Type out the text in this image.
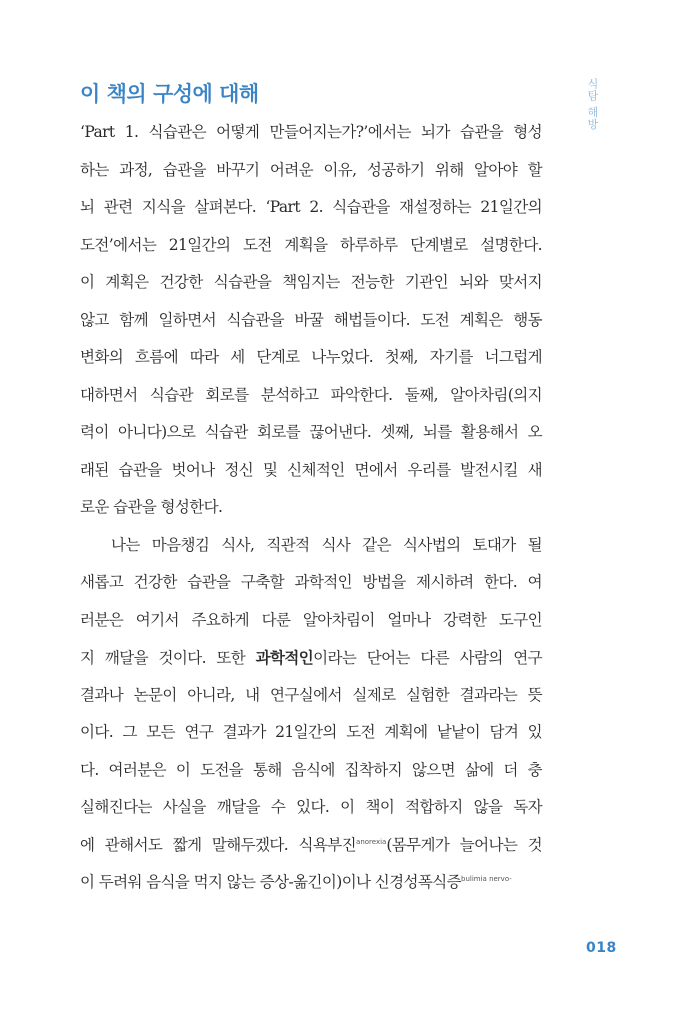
이 책의 구성에 대해	식탐 해방
‘Part 1. 식습관은 어떻게 만들어지는가?’에서는 뇌가 습관을 형성
하는 과정, 습관을 바꾸기 어려운 이유, 성공하기 위해 알아야 할
뇌 관련 지식을 살펴본다. ‘Part 2. 식습관을 재설정하는 21일간의
도전’에서는 21일간의 도전 계획을 하루하루 단계별로 설명한다.
이 계획은 건강한 식습관을 책임지는 전능한 기관인 뇌와 맞서지
않고 함께 일하면서 식습관을 바꿀 해법들이다. 도전 계획은 행동
변화의 흐름에 따라 세 단계로 나누었다. 첫째, 자기를 너그럽게
대하면서 식습관 회로를 분석하고 파악한다. 둘째, 알아차림(의지
력이 아니다)으로 식습관 회로를 끊어낸다. 셋째, 뇌를 활용해서 오
래된 습관을 벗어나 정신 및 신체적인 면에서 우리를 발전시킬 새
로운 습관을 형성한다.
나는 마음챙김 식사, 직관적 식사 같은 식사법의 토대가 될
새롭고 건강한 습관을 구축할 과학적인 방법을 제시하려 한다. 여
러분은 여기서 주요하게 다룬 알아차림이 얼마나 강력한 도구인
지 깨달을 것이다. 또한 과학적인이라는 단어는 다른 사람의 연구
결과나 논문이 아니라, 내 연구실에서 실제로 실험한 결과라는 뜻
이다. 그 모든 연구 결과가 21일간의 도전 계획에 낱낱이 담겨 있
다. 여러분은 이 도전을 통해 음식에 집착하지 않으면 삶에 더 충
실해진다는 사실을 깨달을 수 있다. 이 책이 적합하지 않을 독자
에 관해서도 짧게 말해두겠다. 식욕부진$^{anorexia}$(몸무게가 늘어나는 것
이 두려워 음식을 먹지 않는 증상-옮긴이)이나 신경성폭식증$^{bulimia nervo-}$
018
